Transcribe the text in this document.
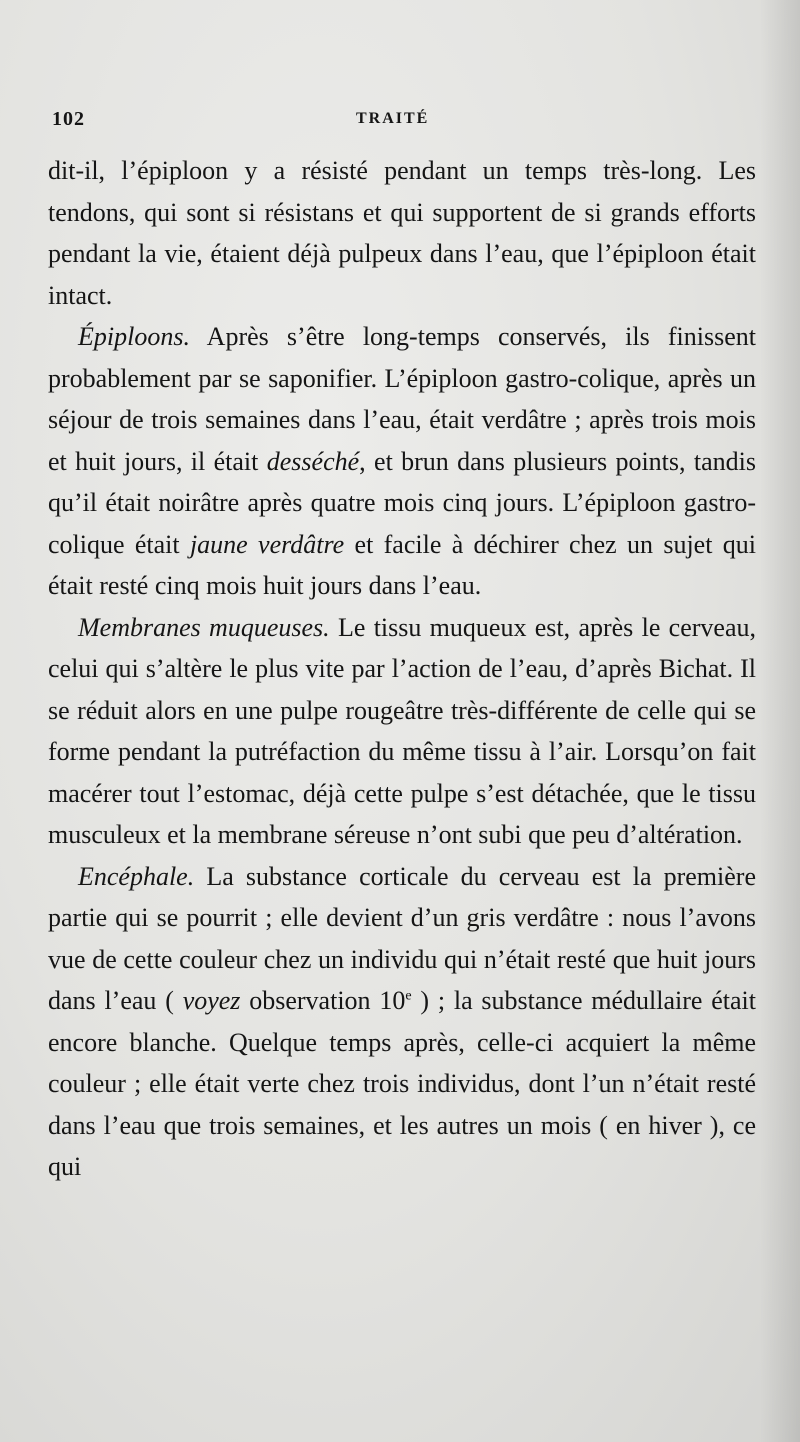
102	TRAITÉ

dit-il, l’épiploon y a résisté pendant un temps très-long. Les tendons, qui sont si résistans et qui supportent de si grands efforts pendant la vie, étaient déjà pulpeux dans l’eau, que l’épiploon était intact.

Épiploons. Après s’être long-temps conservés, ils finissent probablement par se saponifier. L’épiploon gastro-colique, après un séjour de trois semaines dans l’eau, était verdâtre ; après trois mois et huit jours, il était desséché, et brun dans plusieurs points, tandis qu’il était noirâtre après quatre mois cinq jours. L’épiploon gastro-colique était jaune verdâtre et facile à déchirer chez un sujet qui était resté cinq mois huit jours dans l’eau.

Membranes muqueuses. Le tissu muqueux est, après le cerveau, celui qui s’altère le plus vite par l’action de l’eau, d’après Bichat. Il se réduit alors en une pulpe rougeâtre très-différente de celle qui se forme pendant la putréfaction du même tissu à l’air. Lorsqu’on fait macérer tout l’estomac, déjà cette pulpe s’est détachée, que le tissu musculeux et la membrane séreuse n’ont subi que peu d’altération.

Encéphale. La substance corticale du cerveau est la première partie qui se pourrit ; elle devient d’un gris verdâtre : nous l’avons vue de cette couleur chez un individu qui n’était resté que huit jours dans l’eau ( voyez observation 10e ) ; la substance médullaire était encore blanche. Quelque temps après, celle-ci acquiert la même couleur ; elle était verte chez trois individus, dont l’un n’était resté dans l’eau que trois semaines, et les autres un mois ( en hiver ), ce qui
